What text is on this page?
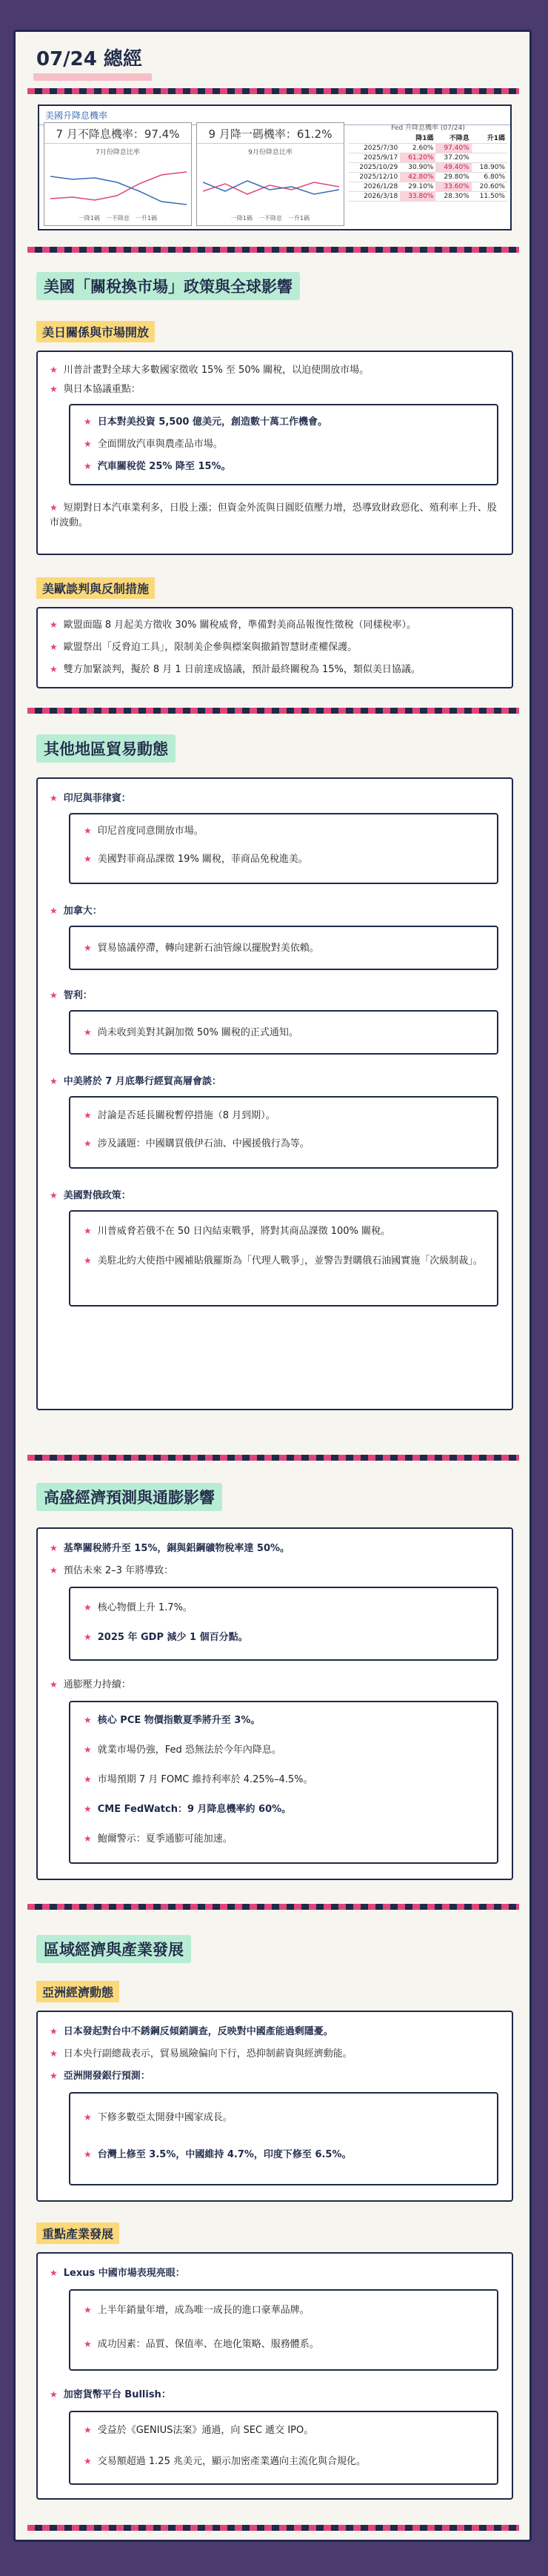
07/24 總經
美國升降息機率
7 月不降息機率：97.4%
7月份降息比率
一降1碼　一不降息　一升1碼
9 月降一碼機率：61.2%
9月份降息比率
一降1碼　一不降息　一升1碼
Fed 升降息機率 (07/24)
	降1碼	不降息	升1碼
2025/7/30	2.60%	97.40%	
2025/9/17	61.20%	37.20%	
2025/10/29	30.90%	49.40%	18.90%
2025/12/10	42.80%	29.80%	6.80%
2026/1/28	29.10%	33.60%	20.60%
2026/3/18	33.80%	28.30%	11.50%
美國「關稅換市場」政策與全球影響
美日關係與市場開放
★ 川普計畫對全球大多數國家徵收 15% 至 50% 關稅，以迫使開放市場。
★ 與日本協議重點：
★ 日本對美投資 5,500 億美元，創造數十萬工作機會。
★ 全面開放汽車與農產品市場。
★ 汽車關稅從 25% 降至 15%。
★ 短期對日本汽車業利多，日股上漲；但資金外流與日圓貶值壓力增，恐導致財政惡化、殖利率上升、股市波動。
美歐談判與反制措施
★ 歐盟面臨 8 月起美方徵收 30% 關稅威脅，準備對美商品報復性徵稅（同樣稅率）。
★ 歐盟祭出「反脅迫工具」，限制美企參與標案與撤銷智慧財產權保護。
★ 雙方加緊談判，擬於 8 月 1 日前達成協議，預計最終關稅為 15%，類似美日協議。
其他地區貿易動態
★ 印尼與菲律賓：
★ 印尼首度同意開放市場。
★ 美國對菲商品課徵 19% 關稅，菲商品免稅進美。
★ 加拿大：
★ 貿易協議停滯，轉向建新石油管線以擺脫對美依賴。
★ 智利：
★ 尚未收到美對其銅加徵 50% 關稅的正式通知。
★ 中美將於 7 月底舉行經貿高層會談：
★ 討論是否延長關稅暫停措施（8 月到期）。
★ 涉及議題：中國購買俄伊石油、中國援俄行為等。
★ 美國對俄政策：
★ 川普威脅若俄不在 50 日內結束戰爭，將對其商品課徵 100% 關稅。
★ 美駐北約大使指中國補貼俄羅斯為「代理人戰爭」，並警告對購俄石油國實施「次級制裁」。
高盛經濟預測與通膨影響
★ 基準關稅將升至 15%，銅與鋁鋼礦物稅率達 50%。
★ 預估未來 2–3 年將導致：
★ 核心物價上升 1.7%。
★ 2025 年 GDP 減少 1 個百分點。
★ 通膨壓力持續：
★ 核心 PCE 物價指數夏季將升至 3%。
★ 就業市場仍強，Fed 恐無法於今年內降息。
★ 市場預期 7 月 FOMC 維持利率於 4.25%–4.5%。
★ CME FedWatch：9 月降息機率約 60%。
★ 鮑爾警示：夏季通膨可能加速。
區域經濟與產業發展
亞洲經濟動態
★ 日本發起對台中不銹鋼反傾銷調查，反映對中國產能過剩隱憂。
★ 日本央行副總裁表示，貿易風險偏向下行，恐抑制薪資與經濟動能。
★ 亞洲開發銀行預測：
★ 下修多數亞太開發中國家成長。
★ 台灣上修至 3.5%，中國維持 4.7%，印度下修至 6.5%。
重點產業發展
★ Lexus 中國市場表現亮眼：
★ 上半年銷量年增，成為唯一成長的進口豪華品牌。
★ 成功因素：品質、保值率、在地化策略、服務體系。
★ 加密貨幣平台 Bullish：
★ 受益於《GENIUS法案》通過，向 SEC 遞交 IPO。
★ 交易額超過 1.25 兆美元，顯示加密產業邁向主流化與合規化。
